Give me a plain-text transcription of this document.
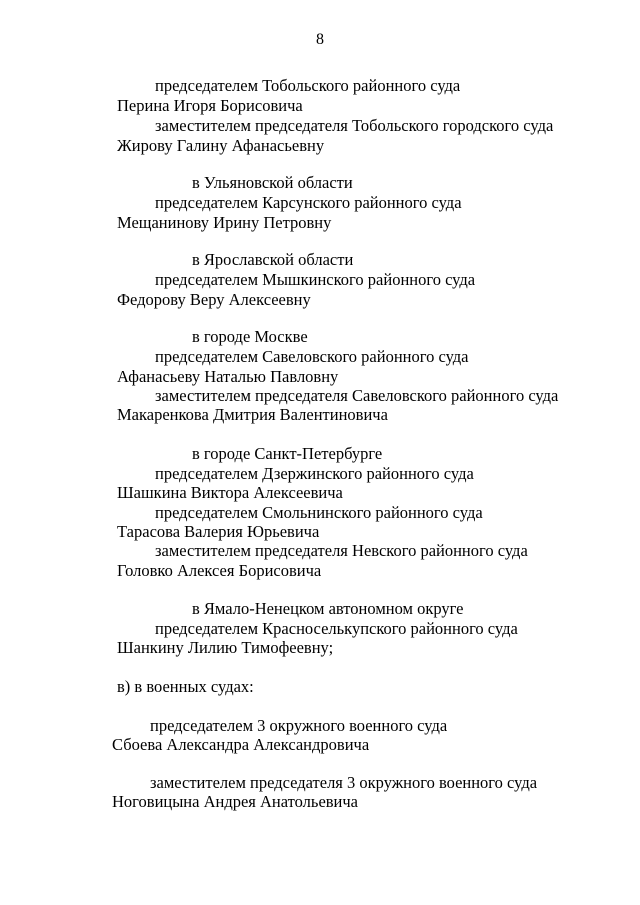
8
председателем Тобольского районного суда
Перина Игоря Борисовича
заместителем председателя Тобольского городского суда
Жирову Галину Афанасьевну
в Ульяновской области
председателем Карсунского районного суда
Мещанинову Ирину Петровну
в Ярославской области
председателем Мышкинского районного суда
Федорову Веру Алексеевну
в городе Москве
председателем Савеловского районного суда
Афанасьеву Наталью Павловну
заместителем председателя Савеловского районного суда
Макаренкова Дмитрия Валентиновича
в городе Санкт-Петербурге
председателем Дзержинского районного суда
Шашкина Виктора Алексеевича
председателем Смольнинского районного суда
Тарасова Валерия Юрьевича
заместителем председателя Невского районного суда
Головко Алексея Борисовича
в Ямало-Ненецком автономном округе
председателем Красноселькупского районного суда
Шанкину Лилию Тимофеевну;
в) в военных судах:
председателем 3 окружного военного суда
Сбоева Александра Александровича
заместителем председателя 3 окружного военного суда
Ноговицына Андрея Анатольевича
